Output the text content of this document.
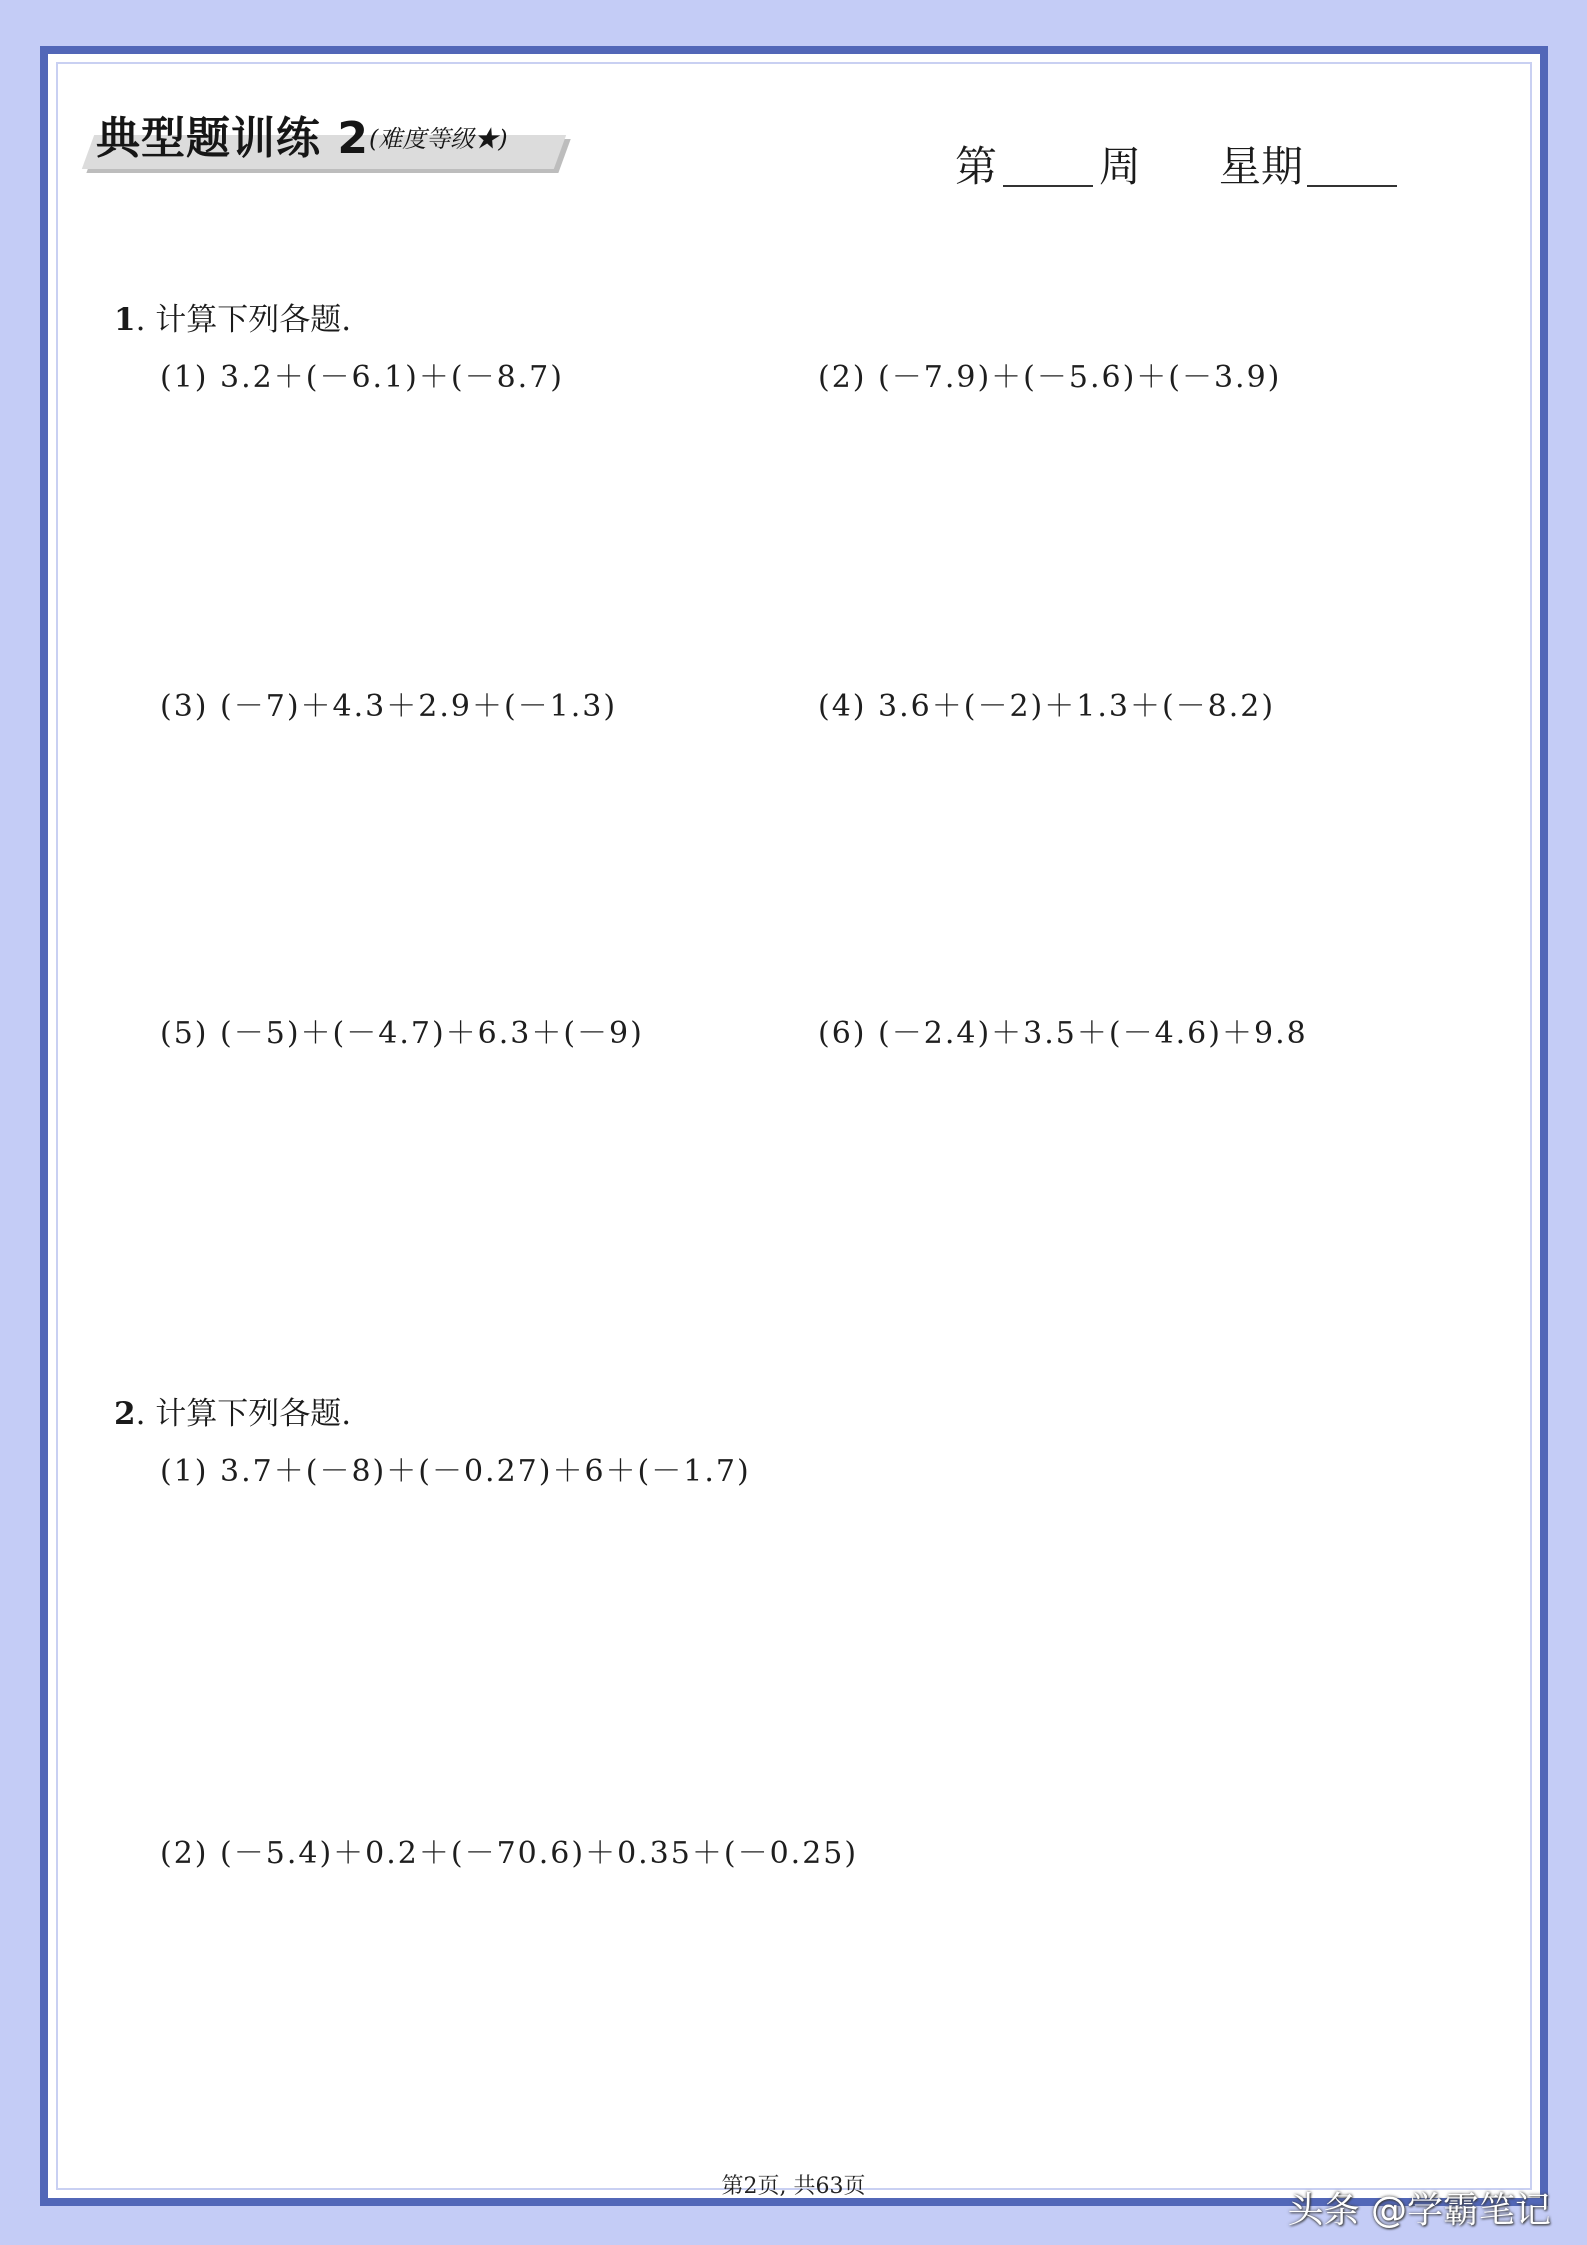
典型题训练 2(难度等级★)
第 周 星期
1. 计算下列各题.
(1) 3.2＋(－6.1)＋(－8.7)	(2) (－7.9)＋(－5.6)＋(－3.9)
(3) (－7)＋4.3＋2.9＋(－1.3)	(4) 3.6＋(－2)＋1.3＋(－8.2)
(5) (－5)＋(－4.7)＋6.3＋(－9)	(6) (－2.4)＋3.5＋(－4.6)＋9.8
2. 计算下列各题.
(1) 3.7＋(－8)＋(－0.27)＋6＋(－1.7)
(2) (－5.4)＋0.2＋(－70.6)＋0.35＋(－0.25)
第2页, 共63页
头条 @学霸笔记
